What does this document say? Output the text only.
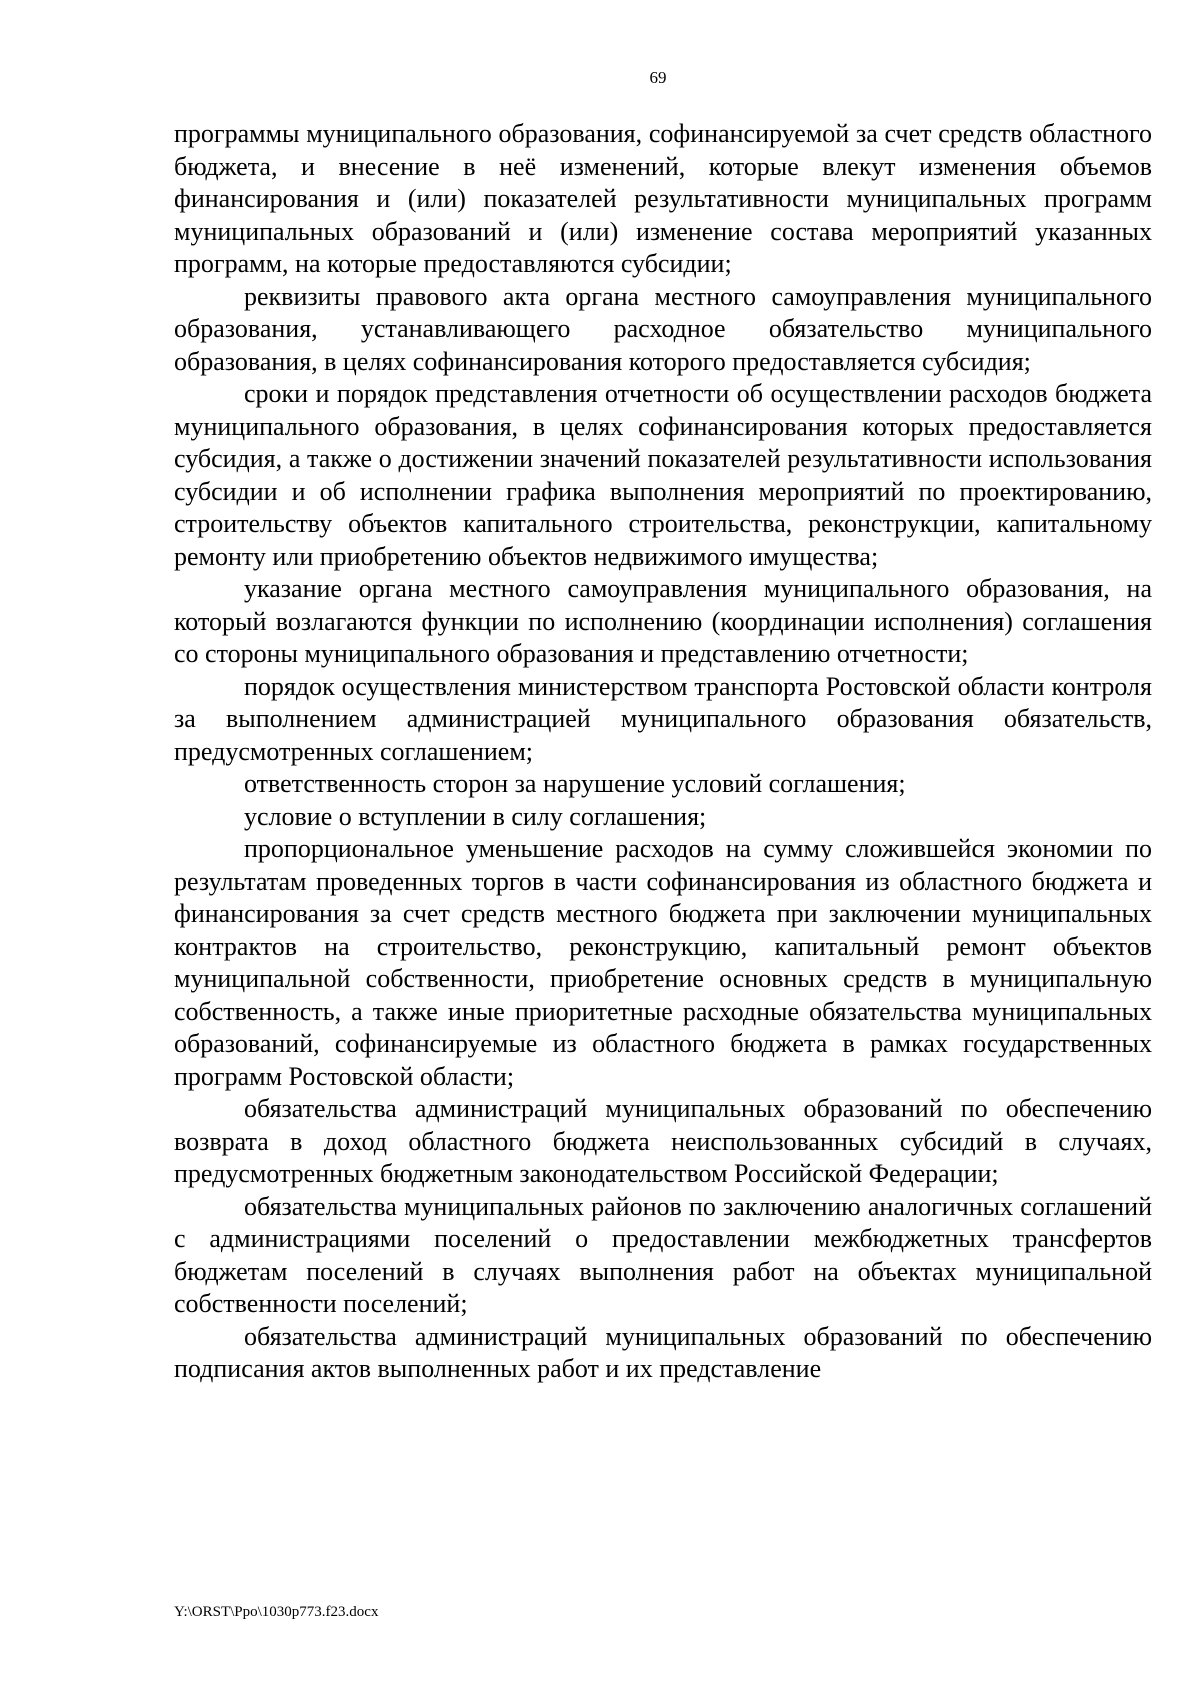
69

программы муниципального образования, софинансируемой за счет средств областного бюджета, и внесение в неё изменений, которые влекут изменения объемов финансирования и (или) показателей результативности муниципальных программ муниципальных образований и (или) изменение состава мероприятий указанных программ, на которые предоставляются субсидии;

реквизиты правового акта органа местного самоуправления муниципального образования, устанавливающего расходное обязательство муниципального образования, в целях софинансирования которого предоставляется субсидия;

сроки и порядок представления отчетности об осуществлении расходов бюджета муниципального образования, в целях софинансирования которых предоставляется субсидия, а также о достижении значений показателей результативности использования субсидии и об исполнении графика выполнения мероприятий по проектированию, строительству объектов капитального строительства, реконструкции, капитальному ремонту или приобретению объектов недвижимого имущества;

указание органа местного самоуправления муниципального образования, на который возлагаются функции по исполнению (координации исполнения) соглашения со стороны муниципального образования и представлению отчетности;

порядок осуществления министерством транспорта Ростовской области контроля за выполнением администрацией муниципального образования обязательств, предусмотренных соглашением;

ответственность сторон за нарушение условий соглашения;

условие о вступлении в силу соглашения;

пропорциональное уменьшение расходов на сумму сложившейся экономии по результатам проведенных торгов в части софинансирования из областного бюджета и финансирования за счет средств местного бюджета при заключении муниципальных контрактов на строительство, реконструкцию, капитальный ремонт объектов муниципальной собственности, приобретение основных средств в муниципальную собственность, а также иные приоритетные расходные обязательства муниципальных образований, софинансируемые из областного бюджета в рамках государственных программ Ростовской области;

обязательства администраций муниципальных образований по обеспечению возврата в доход областного бюджета неиспользованных субсидий в случаях, предусмотренных бюджетным законодательством Российской Федерации;

обязательства муниципальных районов по заключению аналогичных соглашений с администрациями поселений о предоставлении межбюджетных трансфертов бюджетам поселений в случаях выполнения работ на объектах муниципальной собственности поселений;

обязательства администраций муниципальных образований по обеспечению подписания актов выполненных работ и их представление

Y:\ORST\Ppo\1030p773.f23.docx
